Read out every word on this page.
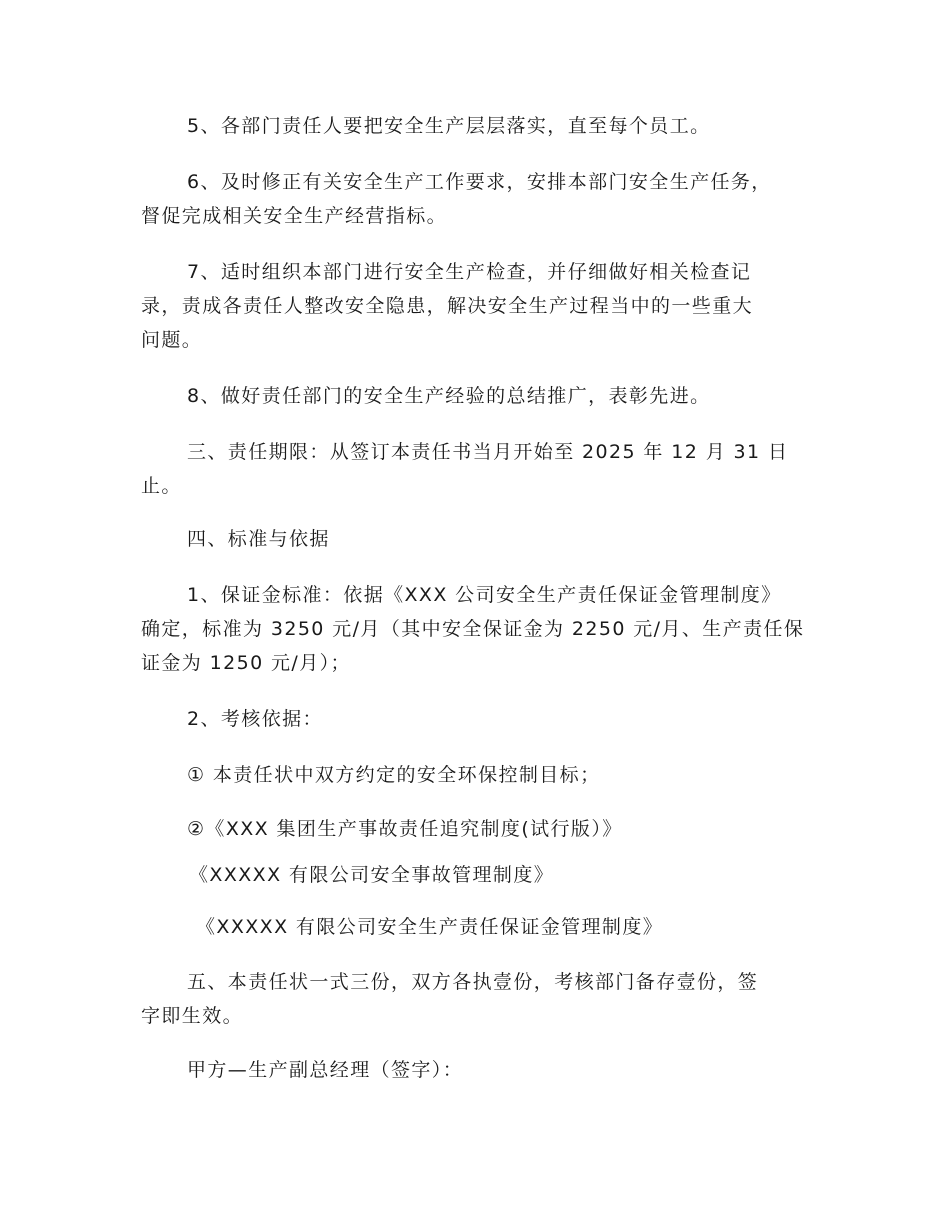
5、各部门责任人要把安全生产层层落实，直至每个员工。
6、及时修正有关安全生产工作要求，安排本部门安全生产任务，
督促完成相关安全生产经营指标。
7、适时组织本部门进行安全生产检查，并仔细做好相关检查记
录，责成各责任人整改安全隐患，解决安全生产过程当中的一些重大
问题。
8、做好责任部门的安全生产经验的总结推广，表彰先进。
三、责任期限：从签订本责任书当月开始至 2025 年 12 月 31 日
止。
四、标准与依据
1、保证金标准：依据《XXX 公司安全生产责任保证金管理制度》
确定，标准为 3250 元/月（其中安全保证金为 2250 元/月、生产责任保
证金为 1250 元/月）；
2、考核依据：
① 本责任状中双方约定的安全环保控制目标；
②《XXX 集团生产事故责任追究制度(试行版）》
《XXXXX 有限公司安全事故管理制度》
《XXXXX 有限公司安全生产责任保证金管理制度》
五、本责任状一式三份，双方各执壹份，考核部门备存壹份，签
字即生效。
甲方—生产副总经理（签字）：
